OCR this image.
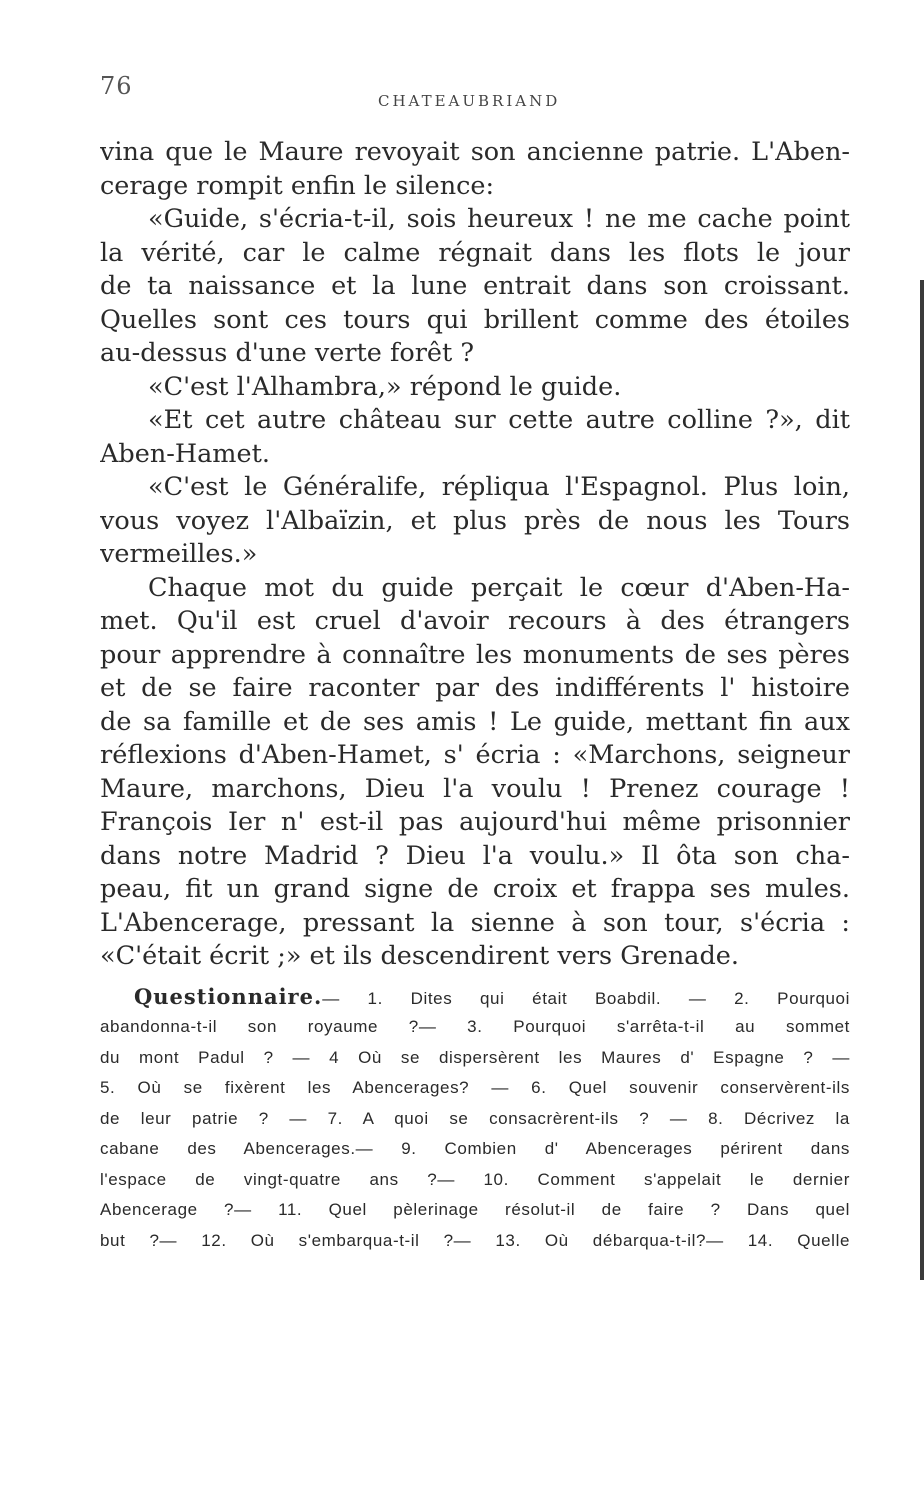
76
CHATEAUBRIAND
vina que le Maure revoyait son ancienne patrie. L'Aben-
cerage rompit enfin le silence:
«Guide, s'écria-t-il, sois heureux ! ne me cache point
la vérité, car le calme régnait dans les flots le jour
de ta naissance et la lune entrait dans son croissant.
Quelles sont ces tours qui brillent comme des étoiles
au-dessus d'une verte forêt ?
«C'est l'Alhambra,» répond le guide.
«Et cet autre château sur cette autre colline ?», dit
Aben-Hamet.
«C'est le Généralife, répliqua l'Espagnol. Plus loin,
vous voyez l'Albaïzin, et plus près de nous les Tours
vermeilles.»
Chaque mot du guide perçait le cœur d'Aben-Ha-
met. Qu'il est cruel d'avoir recours à des étrangers
pour apprendre à connaître les monuments de ses pères
et de se faire raconter par des indifférents l' histoire
de sa famille et de ses amis ! Le guide, mettant fin aux
réflexions d'Aben-Hamet, s' écria : «Marchons, seigneur
Maure, marchons, Dieu l'a voulu ! Prenez courage !
François Ier n' est-il pas aujourd'hui même prisonnier
dans notre Madrid ? Dieu l'a voulu.» Il ôta son cha-
peau, fit un grand signe de croix et frappa ses mules.
L'Abencerage, pressant la sienne à son tour, s'écria :
«C'était écrit ;» et ils descendirent vers Grenade.
Questionnaire.— 1. Dites qui était Boabdil. — 2. Pourquoi
abandonna-t-il son royaume ?— 3. Pourquoi s'arrêta-t-il au sommet
du mont Padul ? — 4 Où se dispersèrent les Maures d' Espagne ? —
5. Où se fixèrent les Abencerages? — 6. Quel souvenir conservèrent-ils
de leur patrie ? — 7. A quoi se consacrèrent-ils ? — 8. Décrivez la
cabane des Abencerages.— 9. Combien d' Abencerages périrent dans
l'espace de vingt-quatre ans ?— 10. Comment s'appelait le dernier
Abencerage ?— 11. Quel pèlerinage résolut-il de faire ? Dans quel
but ?— 12. Où s'embarqua-t-il ?— 13. Où débarqua-t-il?— 14. Quelle
